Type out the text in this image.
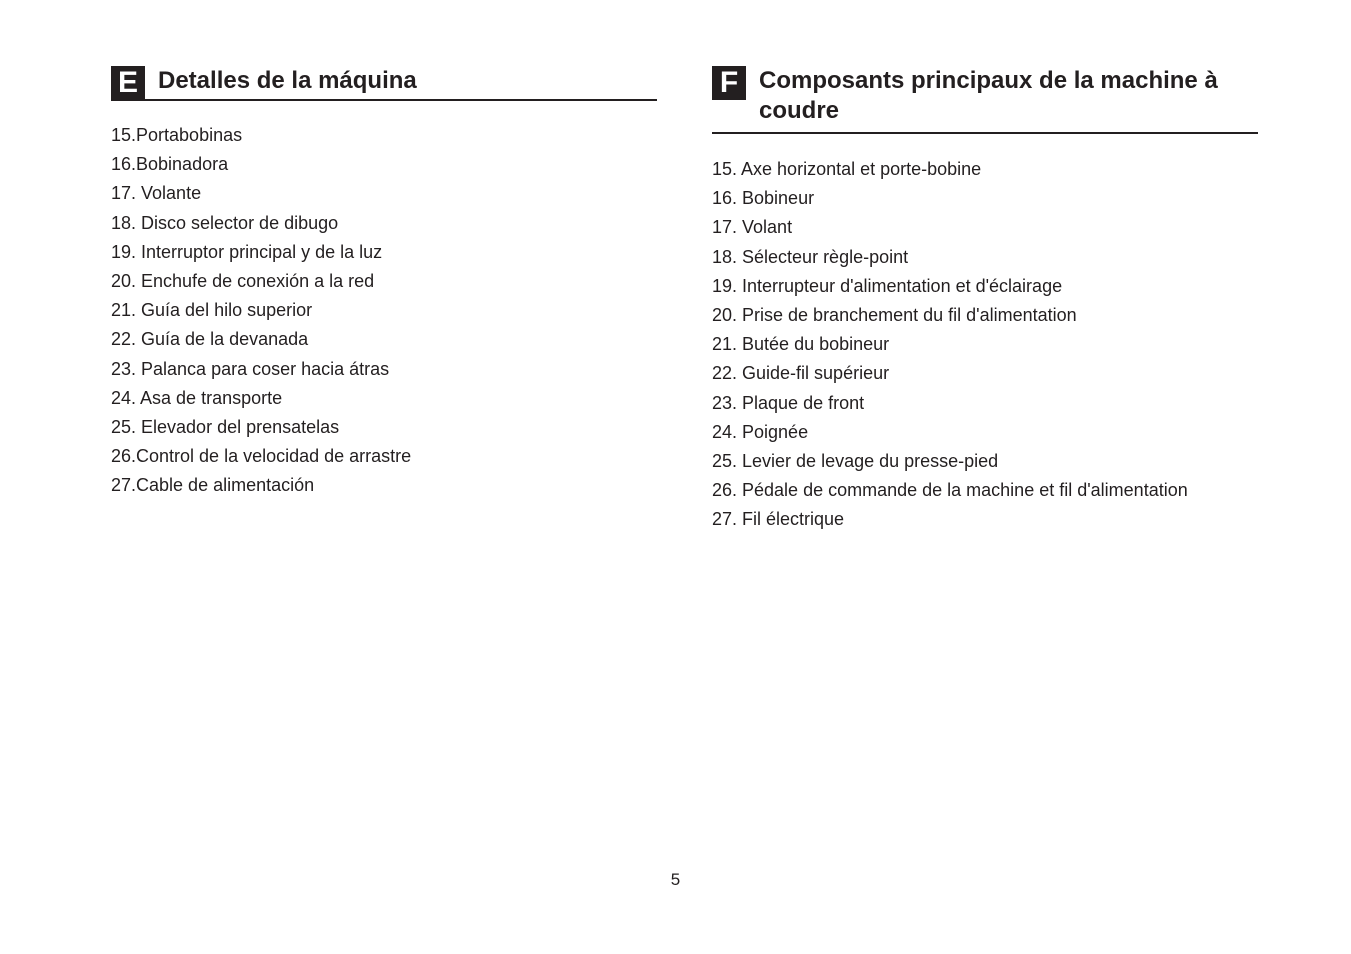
E Detalles de la máquina
15.Portabobinas
16.Bobinadora
17. Volante
18. Disco selector de dibugo
19. Interruptor principal y de la luz
20. Enchufe de conexión a la red
21. Guía del hilo superior
22. Guía de la devanada
23. Palanca para coser hacia átras
24. Asa de transporte
25. Elevador del prensatelas
26.Control de la velocidad de arrastre
27.Cable de alimentación
F Composants principaux de la machine à coudre
15. Axe horizontal et porte-bobine
16. Bobineur
17. Volant
18. Sélecteur règle-point
19. Interrupteur d'alimentation et d'éclairage
20. Prise de branchement du fil d'alimentation
21. Butée du bobineur
22. Guide-fil supérieur
23. Plaque de front
24. Poignée
25. Levier de levage du presse-pied
26. Pédale de commande de la machine et fil d'alimentation
27. Fil électrique
5
